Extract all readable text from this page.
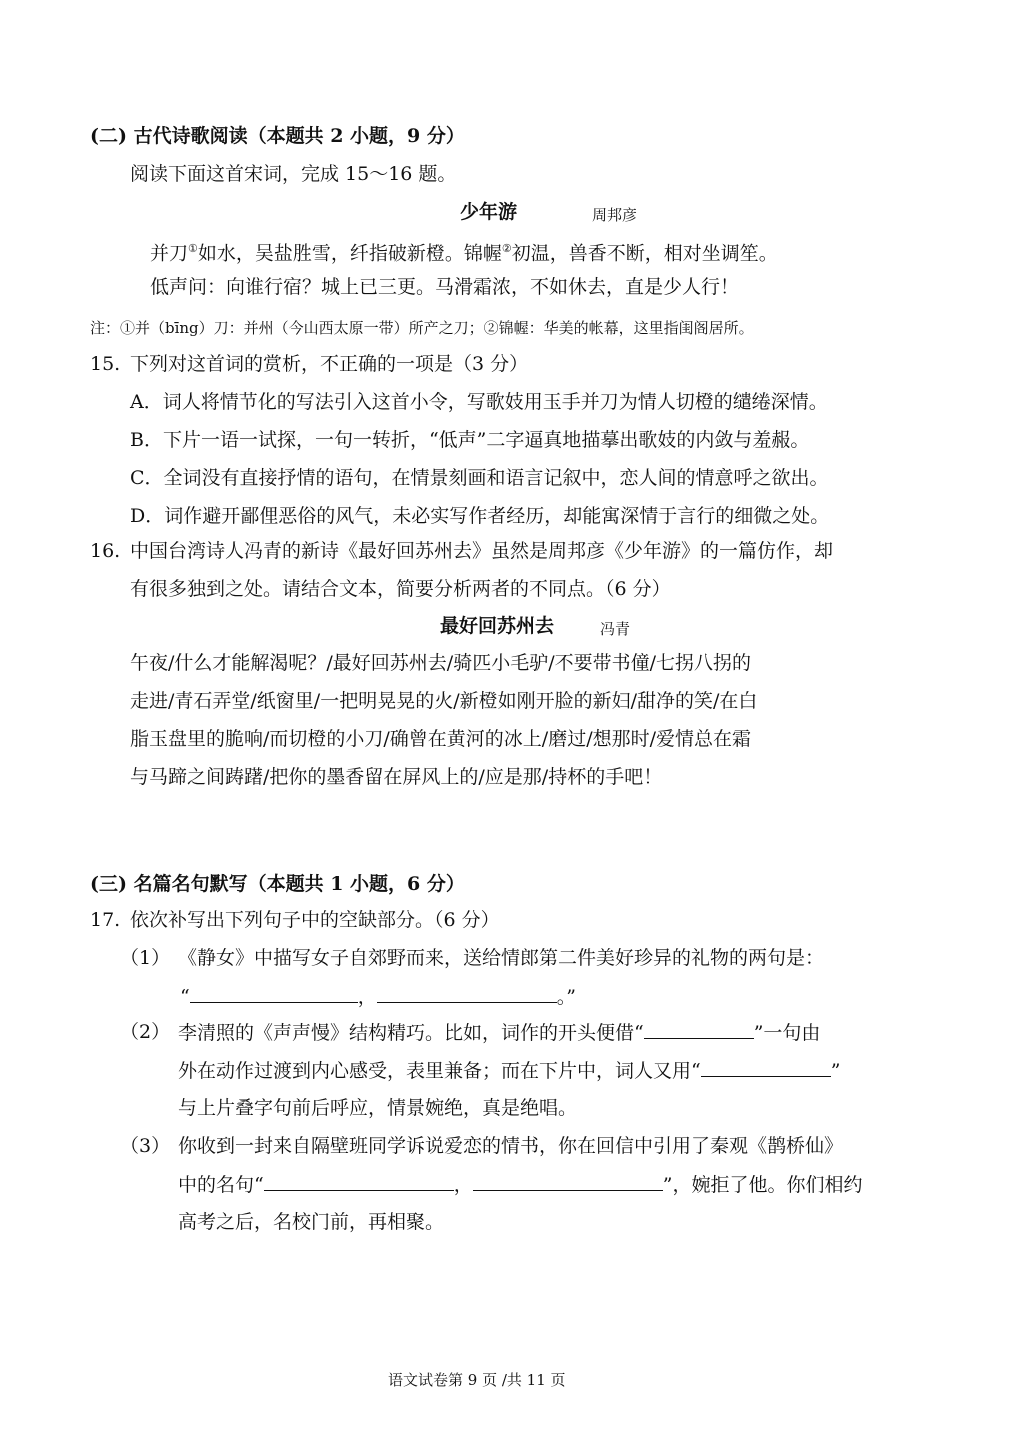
(二) 古代诗歌阅读（本题共 2 小题，9 分）
阅读下面这首宋词，完成 15～16 题。
少年游	周邦彦
并刀①如水，吴盐胜雪，纤指破新橙。锦幄②初温，兽香不断，相对坐调笙。
低声问：向谁行宿？城上已三更。马滑霜浓，不如休去，直是少人行！
注：①并（bīng）刀：并州（今山西太原一带）所产之刀；②锦幄：华美的帐幕，这里指闺阁居所。
15. 下列对这首词的赏析，不正确的一项是（3 分）
A．词人将情节化的写法引入这首小令，写歌妓用玉手并刀为情人切橙的缱绻深情。
B．下片一语一试探，一句一转折，“低声”二字逼真地描摹出歌妓的内敛与羞赧。
C．全词没有直接抒情的语句，在情景刻画和语言记叙中，恋人间的情意呼之欲出。
D．词作避开鄙俚恶俗的风气，未必实写作者经历，却能寓深情于言行的细微之处。
16. 中国台湾诗人冯青的新诗《最好回苏州去》虽然是周邦彦《少年游》的一篇仿作，却
有很多独到之处。请结合文本，简要分析两者的不同点。（6 分）
最好回苏州去	冯青
午夜/什么才能解渴呢？/最好回苏州去/骑匹小毛驴/不要带书僮/七拐八拐的
走进/青石弄堂/纸窗里/一把明晃晃的火/新橙如刚开脸的新妇/甜净的笑/在白
脂玉盘里的脆响/而切橙的小刀/确曾在黄河的冰上/磨过/想那时/爱情总在霜
与马蹄之间踌躇/把你的墨香留在屏风上的/应是那/持杯的手吧！
(三) 名篇名句默写（本题共 1 小题，6 分）
17. 依次补写出下列句子中的空缺部分。（6 分）
（1） 《静女》中描写女子自郊野而来，送给情郎第二件美好珍异的礼物的两句是：
“	，	。”
（2） 李清照的《声声慢》结构精巧。比如，词作的开头便借“	”一句由
外在动作过渡到内心感受，表里兼备；而在下片中，词人又用“	”
与上片叠字句前后呼应，情景婉绝，真是绝唱。
（3） 你收到一封来自隔壁班同学诉说爱恋的情书，你在回信中引用了秦观《鹊桥仙》
中的名句“	，	”，婉拒了他。你们相约
高考之后，名校门前，再相聚。
语文试卷第 9 页 /共 11 页
